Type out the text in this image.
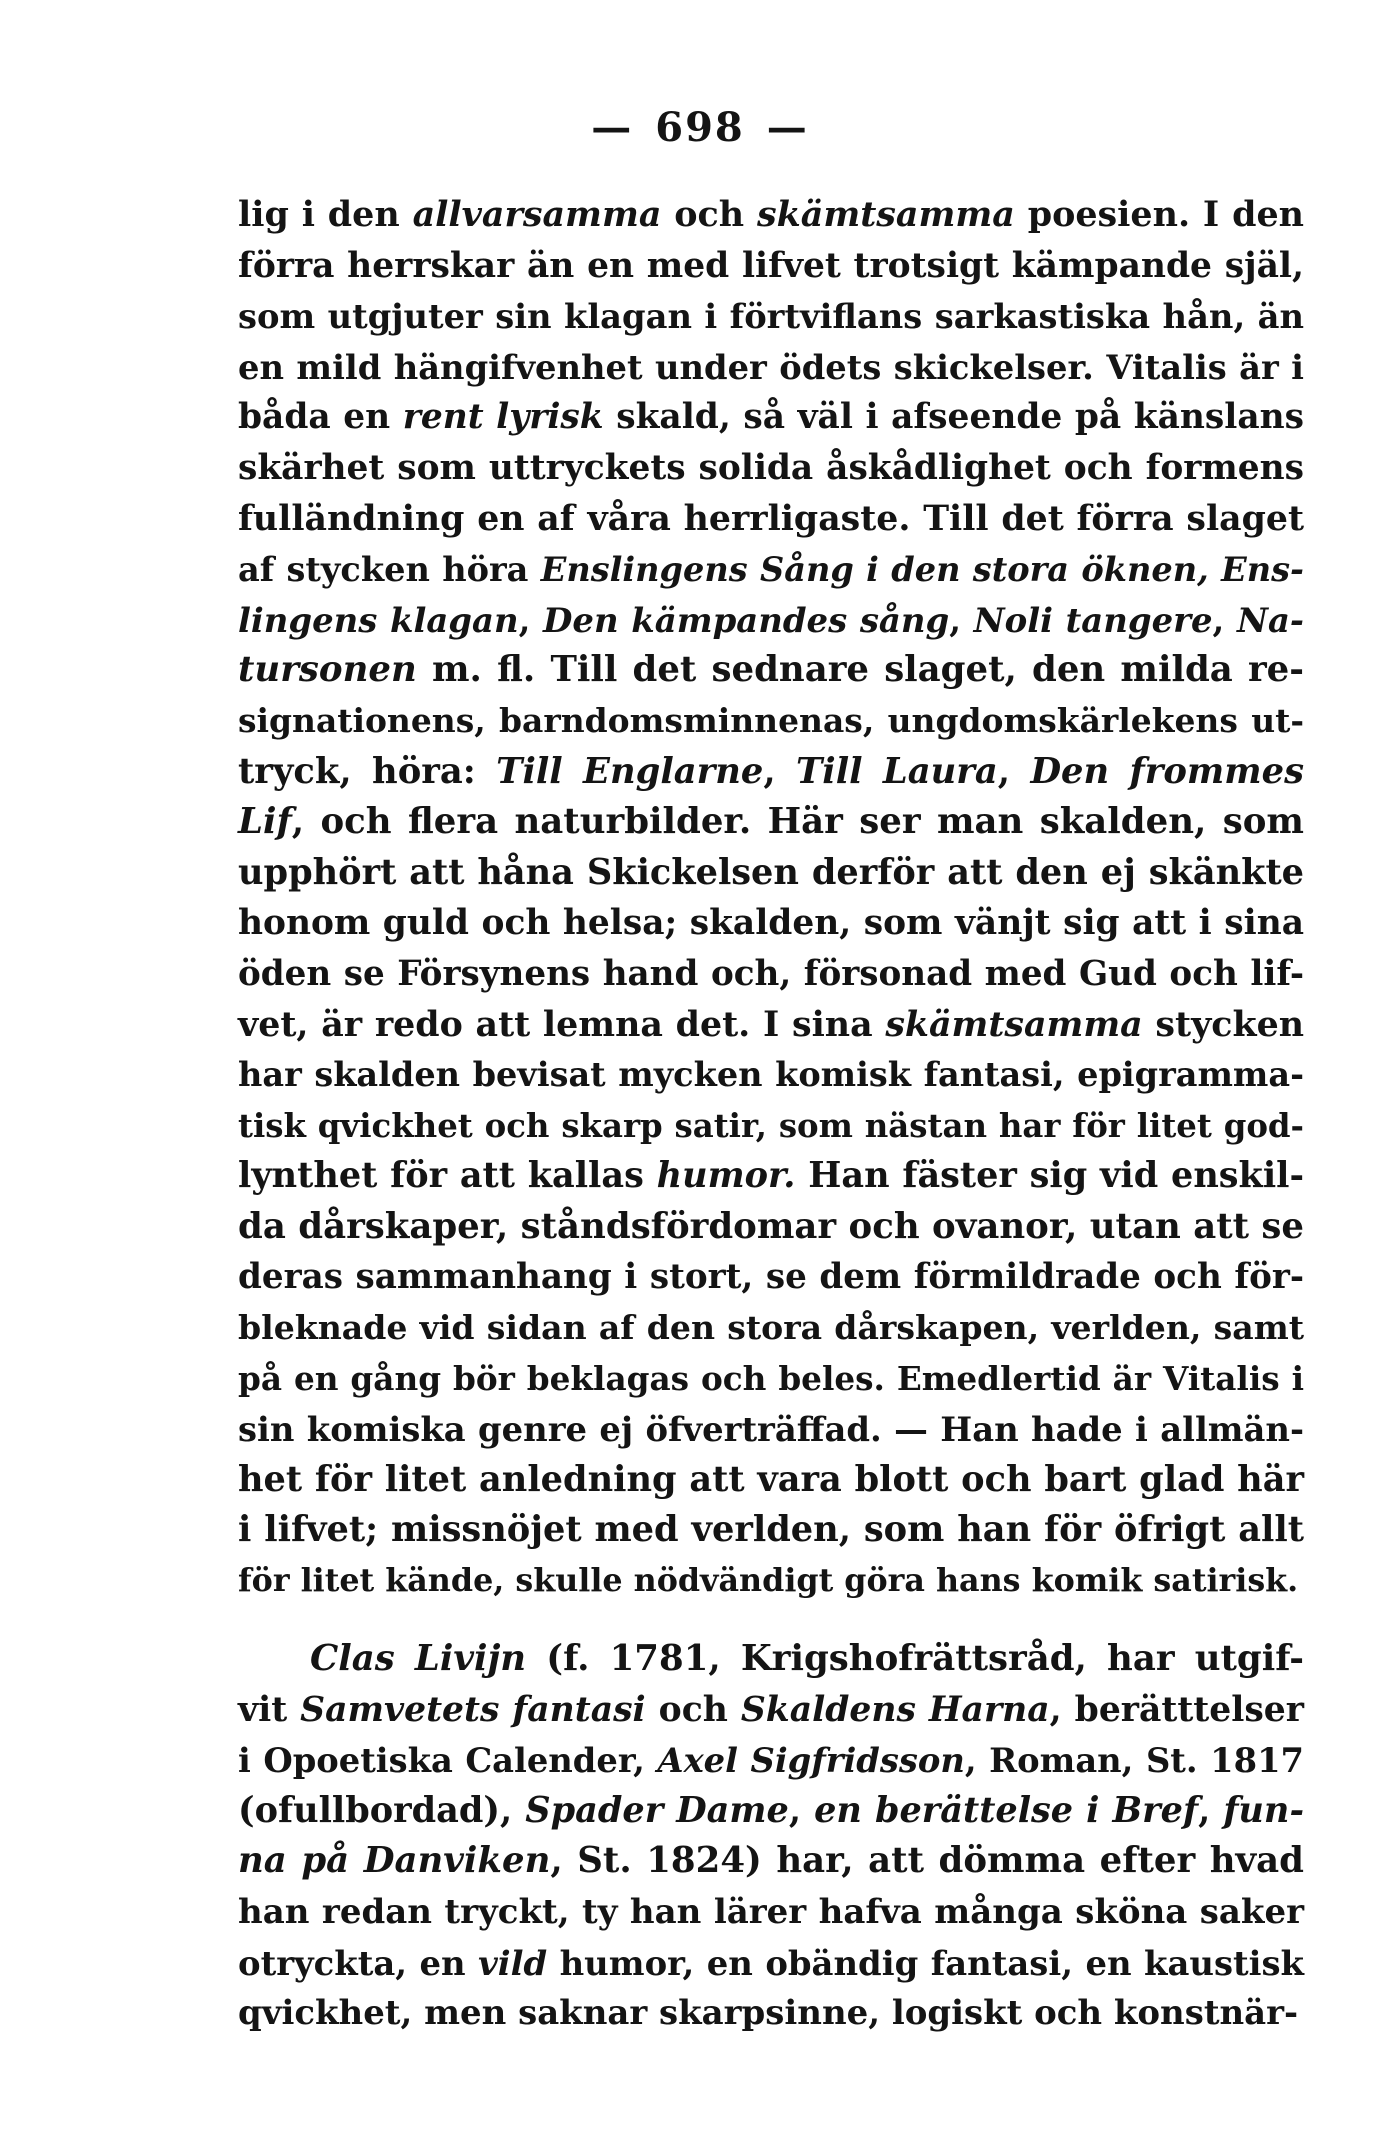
— 698 —
lig i den allvarsamma och skämtsamma poesien. I den
förra herrskar än en med lifvet trotsigt kämpande själ,
som utgjuter sin klagan i förtviflans sarkastiska hån, än
en mild hängifvenhet under ödets skickelser. Vitalis är i
båda en rent lyrisk skald, så väl i afseende på känslans
skärhet som uttryckets solida åskådlighet och formens
fulländning en af våra herrligaste. Till det förra slaget
af stycken höra Enslingens Sång i den stora öknen, Ens-
lingens klagan, Den kämpandes sång, Noli tangere, Na-
tursonen m. fl. Till det sednare slaget, den milda re-
signationens, barndomsminnenas, ungdomskärlekens ut-
tryck, höra: Till Englarne, Till Laura, Den frommes
Lif, och flera naturbilder. Här ser man skalden, som
upphört att håna Skickelsen derför att den ej skänkte
honom guld och helsa; skalden, som vänjt sig att i sina
öden se Försynens hand och, försonad med Gud och lif-
vet, är redo att lemna det. I sina skämtsamma stycken
har skalden bevisat mycken komisk fantasi, epigramma-
tisk qvickhet och skarp satir, som nästan har för litet god-
lynthet för att kallas humor. Han fäster sig vid enskil-
da dårskaper, ståndsfördomar och ovanor, utan att se
deras sammanhang i stort, se dem förmildrade och för-
bleknade vid sidan af den stora dårskapen, verlden, samt
på en gång bör beklagas och beles. Emedlertid är Vitalis i
sin komiska genre ej öfverträffad. — Han hade i allmän-
het för litet anledning att vara blott och bart glad här
i lifvet; missnöjet med verlden, som han för öfrigt allt
för litet kände, skulle nödvändigt göra hans komik satirisk.
Clas Livijn (f. 1781, Krigshofrättsråd, har utgif-
vit Samvetets fantasi och Skaldens Harna, berätttelser
i Opoetiska Calender, Axel Sigfridsson, Roman, St. 1817
(ofullbordad), Spader Dame, en berättelse i Bref, fun-
na på Danviken, St. 1824) har, att dömma efter hvad
han redan tryckt, ty han lärer hafva många sköna saker
otryckta, en vild humor, en obändig fantasi, en kaustisk
qvickhet, men saknar skarpsinne, logiskt och konstnär-
